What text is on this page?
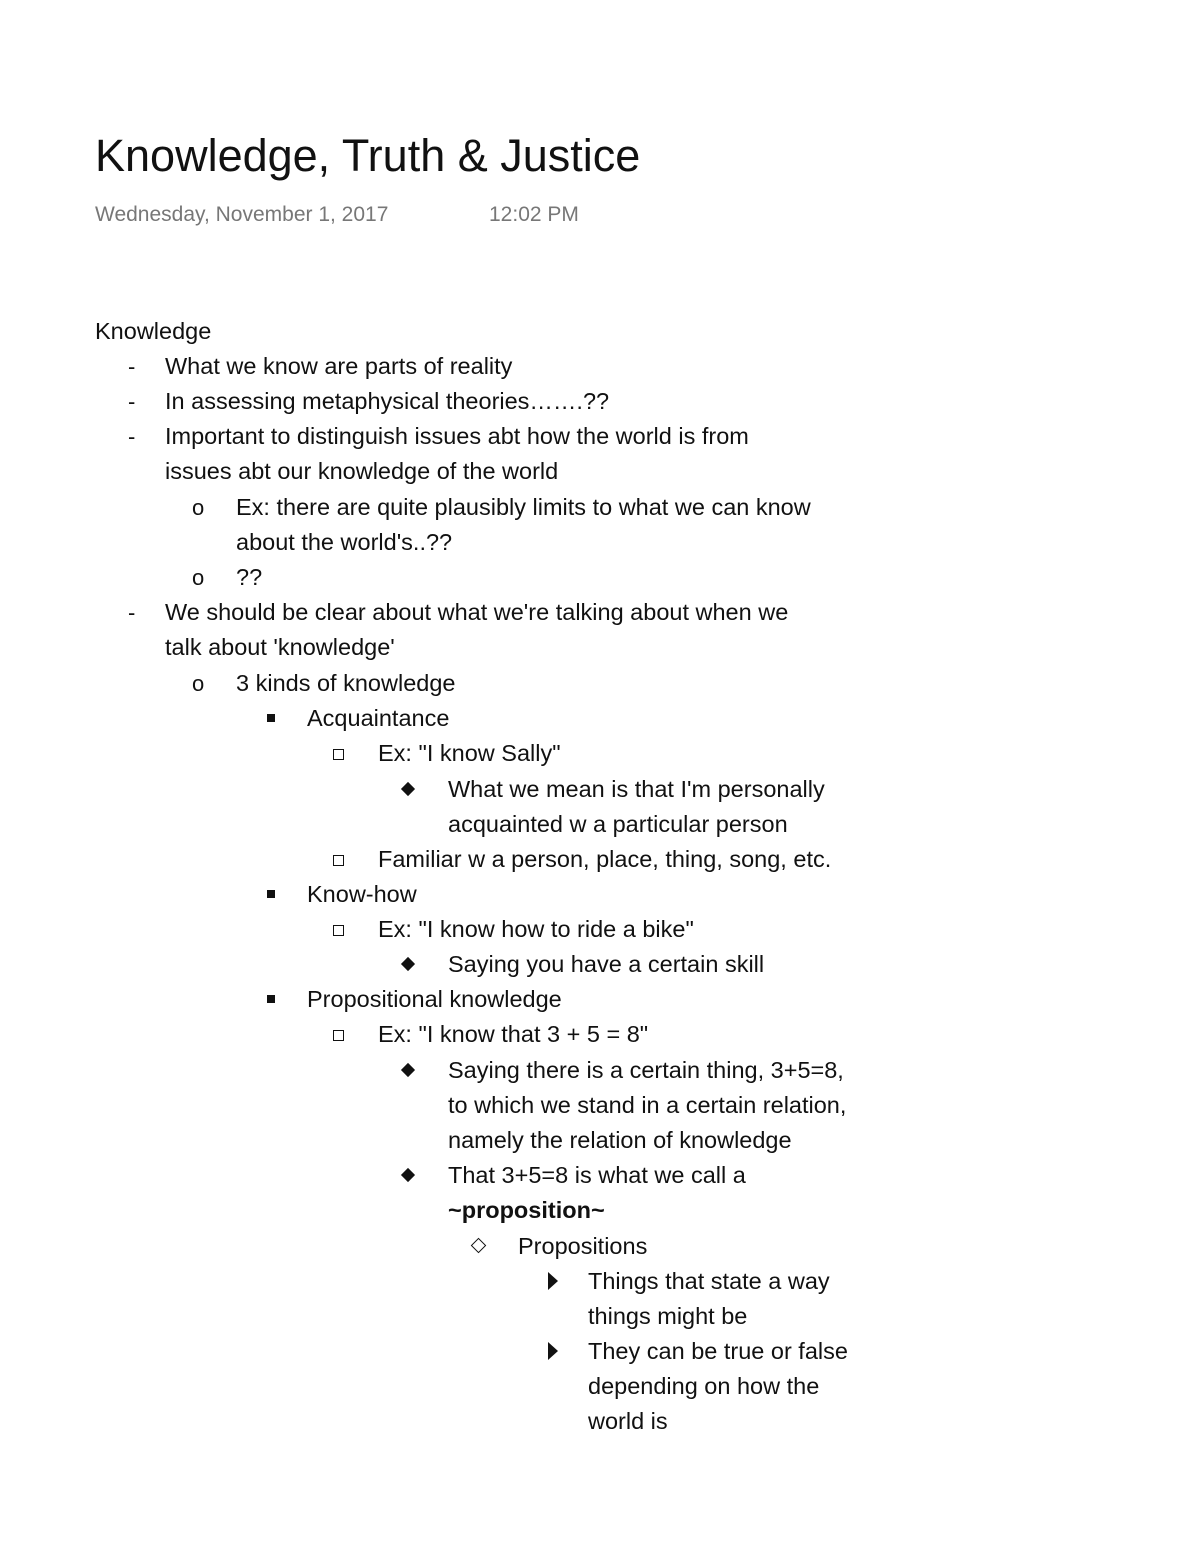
Knowledge, Truth & Justice
Wednesday, November 1, 2017	12:02 PM
Knowledge
- What we know are parts of reality
- In assessing metaphysical theories…….??
- Important to distinguish issues abt how the world is from
issues abt our knowledge of the world
o Ex: there are quite plausibly limits to what we can know
about the world's..??
o ??
- We should be clear about what we're talking about when we
talk about 'knowledge'
o 3 kinds of knowledge
Acquaintance
Ex: "I know Sally"
What we mean is that I'm personally
acquainted w a particular person
Familiar w a person, place, thing, song, etc.
Know-how
Ex: "I know how to ride a bike"
Saying you have a certain skill
Propositional knowledge
Ex: "I know that 3 + 5 = 8"
Saying there is a certain thing, 3+5=8,
to which we stand in a certain relation,
namely the relation of knowledge
That 3+5=8 is what we call a
~proposition~
Propositions
Things that state a way
things might be
They can be true or false
depending on how the
world is
